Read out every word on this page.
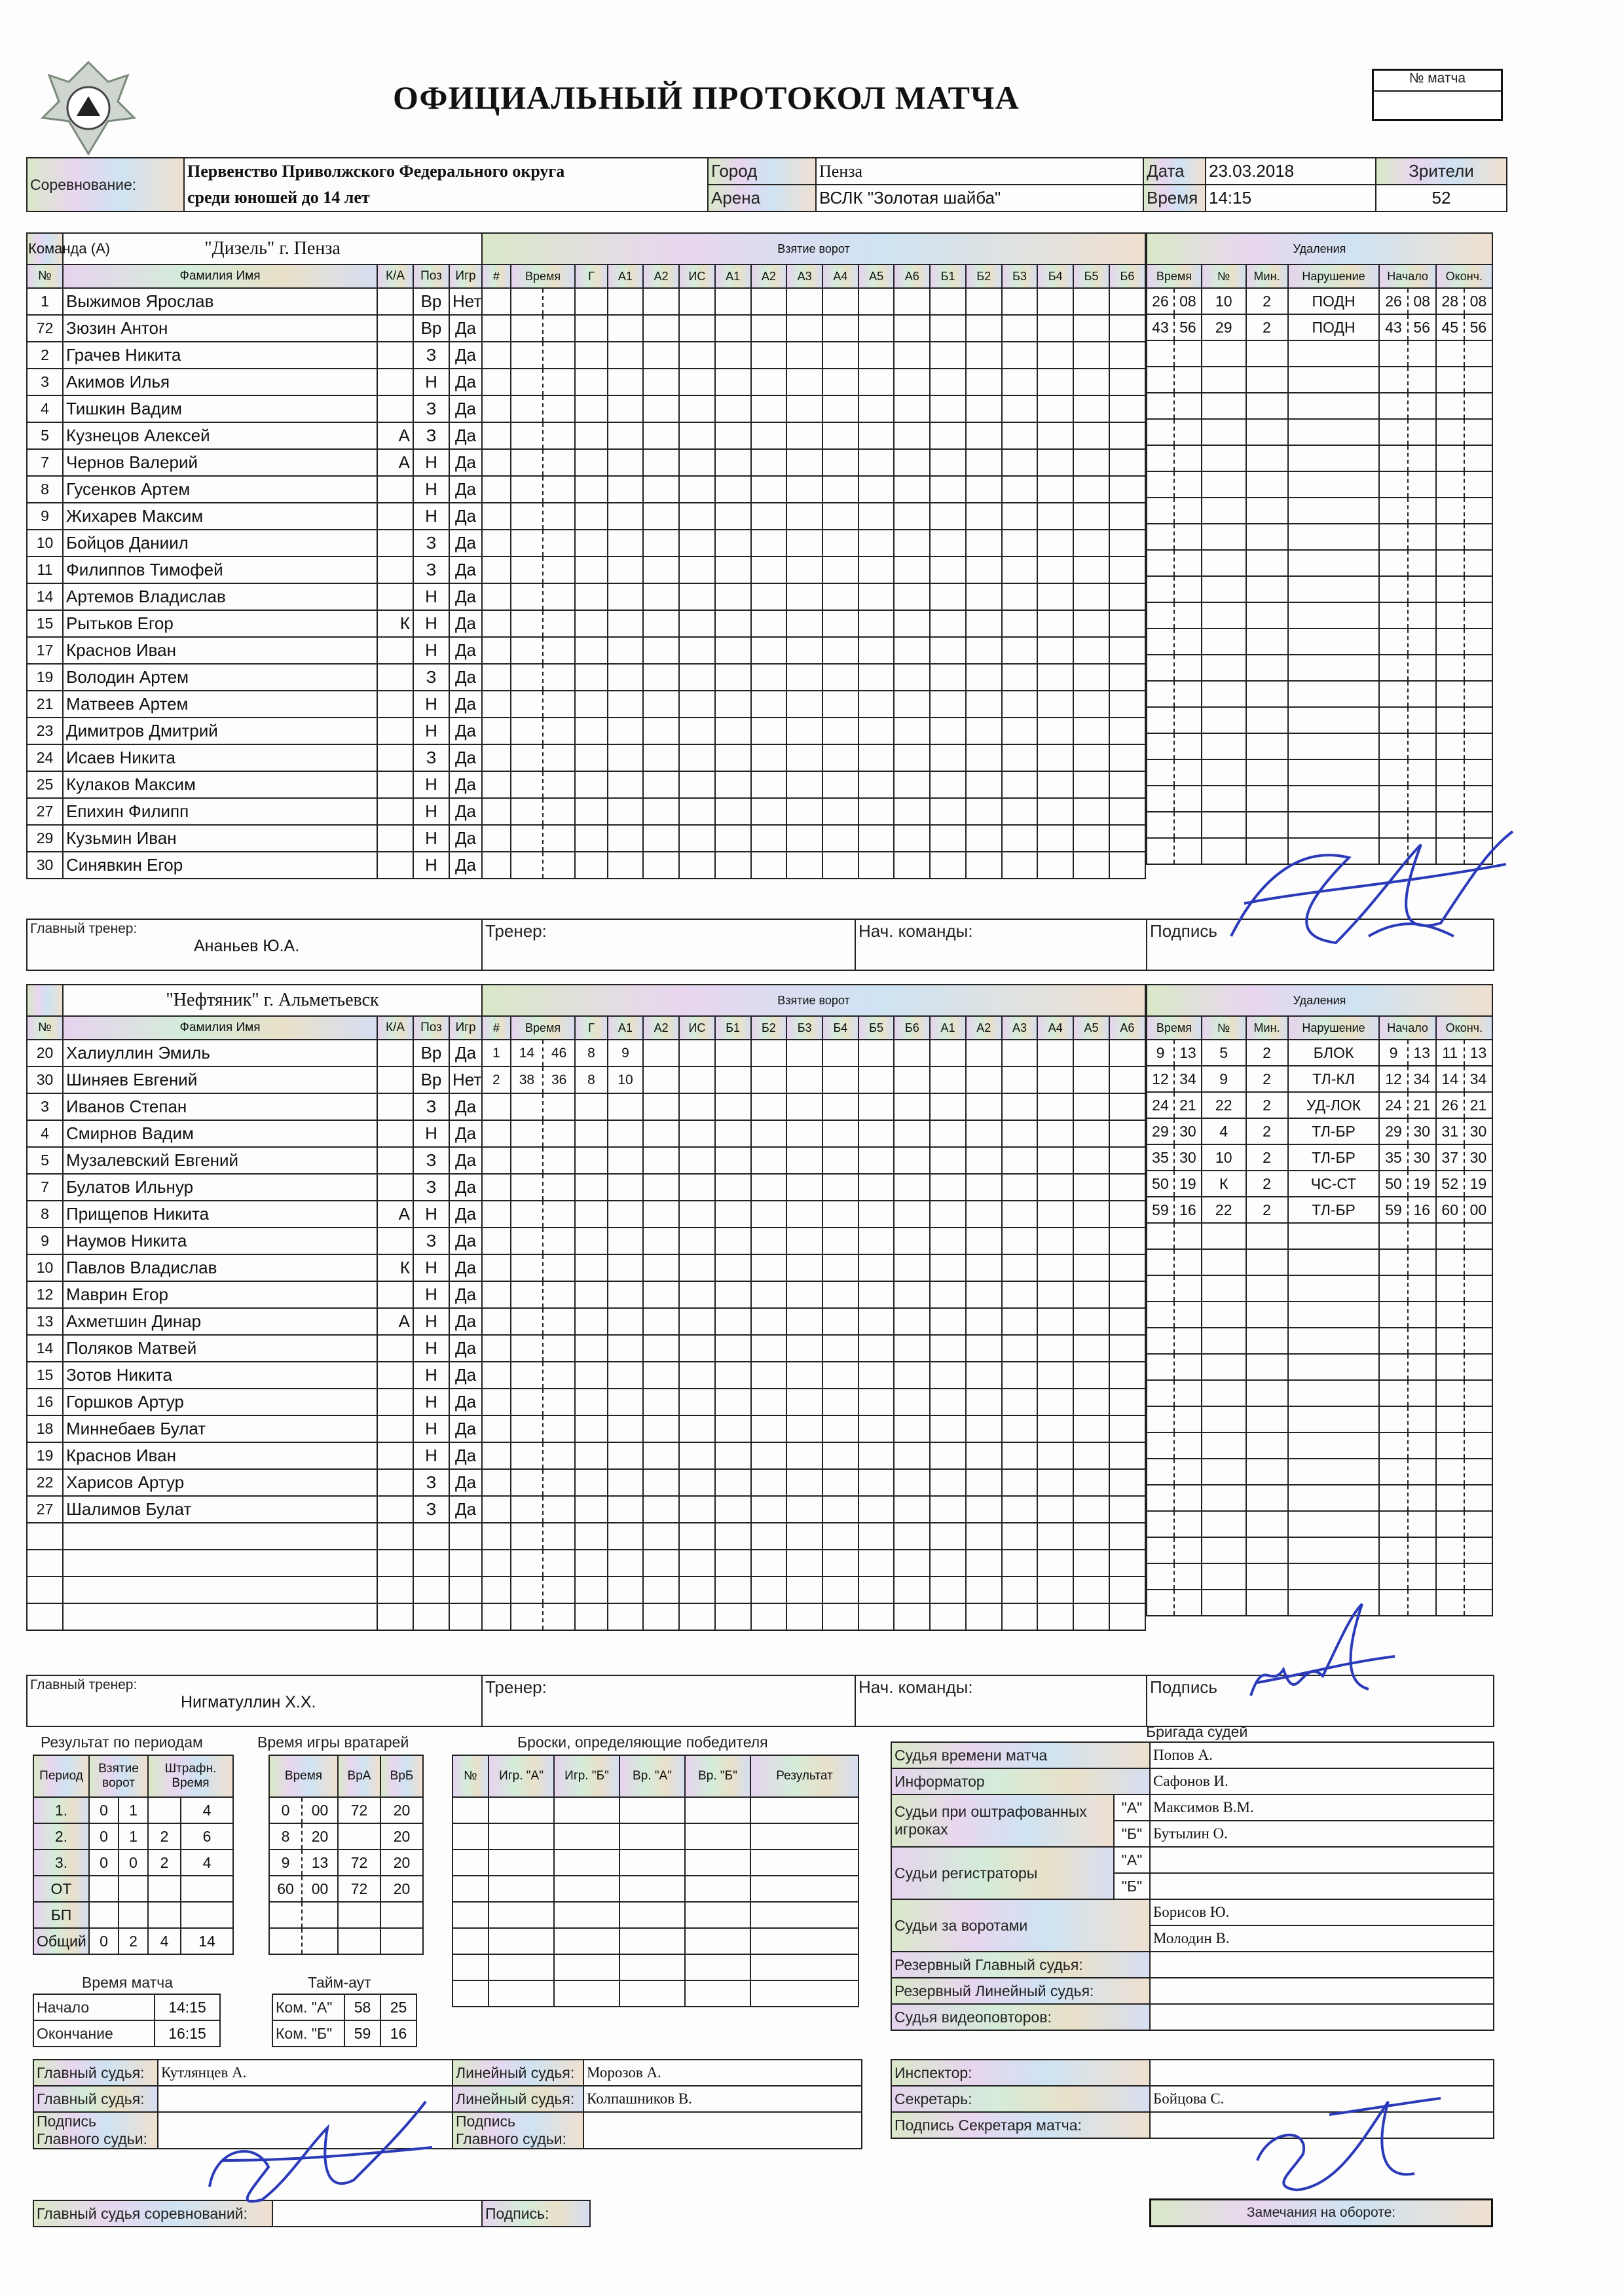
ОФИЦИАЛЬНЫЙ ПРОТОКОЛ МАТЧА
№ матча
Соревнование:	Первенство Приволжского Федерального округа	Город	Пенза	Дата	23.03.2018	Зрители
	среди юношей до 14 лет	Арена	ВСЛК "Золотая шайба"	Время	14:15	52
Команда (А)	"Дизель" г. Пенза			
№	Фамилия Имя	К/А	Поз	Игр
1	Выжимов Ярослав		Вр	Нет
72	Зюзин Антон		Вр	Да
2	Грачев Никита		З	Да
3	Акимов Илья		Н	Да
4	Тишкин Вадим		З	Да
5	Кузнецов Алексей	А	З	Да
7	Чернов Валерий	А	Н	Да
8	Гусенков Артем		Н	Да
9	Жихарев Максим		Н	Да
10	Бойцов Даниил		З	Да
11	Филиппов Тимофей		З	Да
14	Артемов Владислав		Н	Да
15	Рытьков Егор	К	Н	Да
17	Краснов Иван		Н	Да
19	Володин Артем		З	Да
21	Матвеев Артем		Н	Да
23	Димитров Дмитрий		Н	Да
24	Исаев Никита		З	Да
25	Кулаков Максим		Н	Да
27	Епихин Филипп		Н	Да
29	Кузьмин Иван		Н	Да
30	Синявкин Егор		Н	Да
Взятие ворот																		
#	Время		Г	А1	А2	ИС	А1	А2	А3	А4	А5	А6	Б1	Б2	Б3	Б4	Б5	Б6

Удаления								
Время		№	Мин.	Нарушение	Начало		Оконч.	
26	08	10	2	ПОДН	26	08	28	08
43	56	29	2	ПОДН	43	56	45	56

Главный тренер:
Ананьев Ю.А.
	Тренер:	Нач. команды:	Подпись
	"Нефтяник" г. Альметьевск			
№	Фамилия Имя	К/А	Поз	Игр
20	Халиуллин Эмиль		Вр	Да
30	Шиняев Евгений		Вр	Нет
3	Иванов Степан		З	Да
4	Смирнов Вадим		Н	Да
5	Музалевский Евгений		З	Да
7	Булатов Ильнур		З	Да
8	Прищепов Никита	А	Н	Да
9	Наумов Никита		З	Да
10	Павлов Владислав	К	Н	Да
12	Маврин Егор		Н	Да
13	Ахметшин Динар	А	Н	Да
14	Поляков Матвей		Н	Да
15	Зотов Никита		Н	Да
16	Горшков Артур		Н	Да
18	Миннебаев Булат		Н	Да
19	Краснов Иван		Н	Да
22	Харисов Артур		З	Да
27	Шалимов Булат		З	Да

Взятие ворот																		
#	Время		Г	А1	А2	ИС	Б1	Б2	Б3	Б4	Б5	Б6	А1	А2	А3	А4	А5	А6
1	14	46	8	9														
2	38	36	8	10														

Удаления								
Время		№	Мин.	Нарушение	Начало		Оконч.	
9	13	5	2	БЛОК	9	13	11	13
12	34	9	2	ТЛ-КЛ	12	34	14	34
24	21	22	2	УД-ЛОК	24	21	26	21
29	30	4	2	ТЛ-БР	29	30	31	30
35	30	10	2	ТЛ-БР	35	30	37	30
50	19	К	2	ЧС-СТ	50	19	52	19
59	16	22	2	ТЛ-БР	59	16	60	00

Главный тренер:
Нигматуллин Х.Х.
	Тренер:	Нач. команды:	Подпись
Результат по периодам
Период	Взятие ворот		Штрафн. Время	
1.	0	1		4
2.	0	1	2	6
3.	0	0	2	4
ОТ				
БП				
Общий	0	2	4	14
Время игры вратарей
Время		ВрА	ВрБ
0	00	72	20
8	20		20
9	13	72	20
60	00	72	20

Броски, определяющие победителя
№	Игр. "А"	Игр. "Б"	Вр. "А"	Вр. "Б"	Результат

Время матча
Начало	14:15
Окончание	16:15
Тайм-аут
Ком. "А"	58	25
Ком. "Б"	59	16
Бригада судей
Судья времени матча		Попов А.
Информатор		Сафонов И.
Судьи при оштрафованных игроках	"А"	Максимов В.М.
	"Б"	Бутылин О.
Судьи регистраторы	"А"	
	"Б"	
Судьи за воротами		Борисов Ю.
		Молодин В.
Резервный Главный судья:		
Резервный Линейный судья:		
Судья видеоповторов:		
Главный судья:	Кутлянцев А.	Линейный судья:	Морозов А.
Главный судья:		Линейный судья:	Колпашников В.
Подпись Главного судьи:		Подпись Главного судьи:	
Инспектор:	
Секретарь:	Бойцова С.
Подпись Секретаря матча:	
Главный судья соревнований:		Подпись:	Замечания на обороте:
